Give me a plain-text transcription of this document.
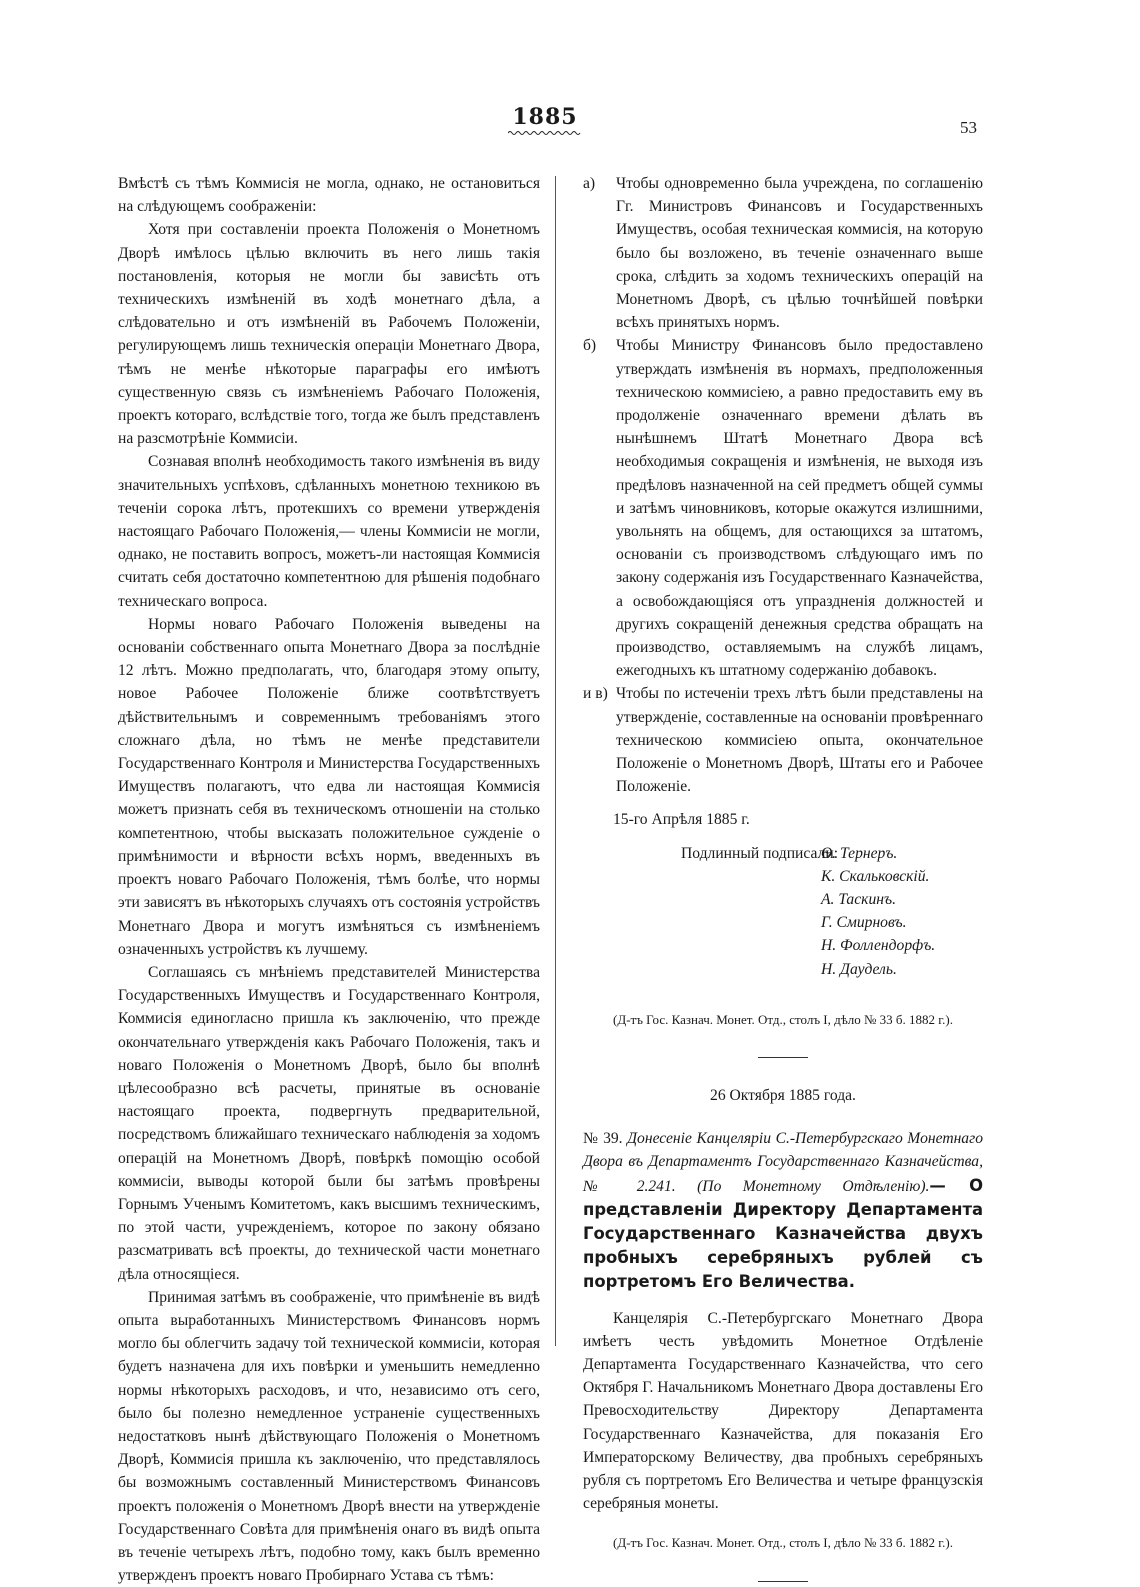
1885	53

Вмѣстѣ съ тѣмъ Коммисія не могла, однако, не остановиться на слѣдующемъ соображеніи:

Хотя при составленіи проекта Положенія о Монетномъ Дворѣ имѣлось цѣлью включить въ него лишь такія постановленія, которыя не могли бы зависѣть отъ техническихъ измѣненій въ ходѣ монетнаго дѣла, а слѣдовательно и отъ измѣненій въ Рабочемъ Положеніи, регулирующемъ лишь техническія операціи Монетнаго Двора, тѣмъ не менѣе нѣкоторые параграфы его имѣютъ существенную связь съ измѣненіемъ Рабочаго Положенія, проектъ котораго, вслѣдствіе того, тогда же былъ представленъ на разсмотрѣніе Коммисіи.

Сознавая вполнѣ необходимость такого измѣненія въ виду значительныхъ успѣховъ, сдѣланныхъ монетною техникою въ теченіи сорока лѣтъ, протекшихъ со времени утвержденія настоящаго Рабочаго Положенія,— члены Коммисіи не могли, однако, не поставить вопросъ, можетъ-ли настоящая Коммисія считать себя достаточно компетентною для рѣшенія подобнаго техническаго вопроса.

Нормы новаго Рабочаго Положенія выведены на основаніи собственнаго опыта Монетнаго Двора за послѣдніе 12 лѣтъ. Можно предполагать, что, благодаря этому опыту, новое Рабочее Положеніе ближе соотвѣтствуетъ дѣйствительнымъ и современнымъ требованіямъ этого сложнаго дѣла, но тѣмъ не менѣе представители Государственнаго Контроля и Министерства Государственныхъ Имуществъ полагаютъ, что едва ли настоящая Коммисія можетъ признать себя въ техническомъ отношеніи на столько компетентною, чтобы высказать положительное сужденіе о примѣнимости и вѣрности всѣхъ нормъ, введенныхъ въ проектъ новаго Рабочаго Положенія, тѣмъ болѣе, что нормы эти зависятъ въ нѣкоторыхъ случаяхъ отъ состоянія устройствъ Монетнаго Двора и могутъ измѣняться съ измѣненіемъ означенныхъ устройствъ къ лучшему.

Соглашаясь съ мнѣніемъ представителей Министерства Государственныхъ Имуществъ и Государственнаго Контроля, Коммисія единогласно пришла къ заключенію, что прежде окончательнаго утвержденія какъ Рабочаго Положенія, такъ и новаго Положенія о Монетномъ Дворѣ, было бы вполнѣ цѣлесообразно всѣ расчеты, принятые въ основаніе настоящаго проекта, подвергнуть предварительной, посредствомъ ближайшаго техническаго наблюденія за ходомъ операцій на Монетномъ Дворѣ, повѣркѣ помощію особой коммисіи, выводы которой были бы затѣмъ провѣрены Горнымъ Ученымъ Комитетомъ, какъ высшимъ техническимъ, по этой части, учрежденіемъ, которое по закону обязано разсматривать всѣ проекты, до технической части монетнаго дѣла относящіеся.

Принимая затѣмъ въ соображеніе, что примѣненіе въ видѣ опыта выработанныхъ Министерствомъ Финансовъ нормъ могло бы облегчить задачу той технической коммисіи, которая будетъ назначена для ихъ повѣрки и уменьшить немедленно нормы нѣкоторыхъ расходовъ, и что, независимо отъ сего, было бы полезно немедленное устраненіе существенныхъ недостатковъ нынѣ дѣйствующаго Положенія о Монетномъ Дворѣ, Коммисія пришла къ заключенію, что представлялось бы возможнымъ составленный Министерствомъ Финансовъ проектъ положенія о Монетномъ Дворѣ внести на утвержденіе Государственнаго Совѣта для примѣненія онаго въ видѣ опыта въ теченіе четырехъ лѣтъ, подобно тому, какъ былъ временно утвержденъ проектъ новаго Пробирнаго Устава съ тѣмъ:

а) Чтобы одновременно была учреждена, по соглашенію Гг. Министровъ Финансовъ и Государственныхъ Имуществъ, особая техническая коммисія, на которую было бы возложено, въ теченіе означеннаго выше срока, слѣдить за ходомъ техническихъ операцій на Монетномъ Дворѣ, съ цѣлью точнѣйшей повѣрки всѣхъ принятыхъ нормъ.

б) Чтобы Министру Финансовъ было предоставлено утверждать измѣненія въ нормахъ, предположенныя техническою коммисіею, а равно предоставить ему въ продолженіе означеннаго времени дѣлать въ нынѣшнемъ Штатѣ Монетнаго Двора всѣ необходимыя сокращенія и измѣненія, не выходя изъ предѣловъ назначенной на сей предметъ общей суммы и затѣмъ чиновниковъ, которые окажутся излишними, увольнять на общемъ, для остающихся за штатомъ, основаніи съ производствомъ слѣдующаго имъ по закону содержанія изъ Государственнаго Казначейства, а освобождающіяся отъ упраздненія должностей и другихъ сокращеній денежныя средства обращать на производство, оставляемымъ на службѣ лицамъ, ежегодныхъ къ штатному содержанію добавокъ.

и в) Чтобы по истеченіи трехъ лѣтъ были представлены на утвержденіе, составленные на основаніи провѣреннаго техническою коммисіею опыта, окончательное Положеніе о Монетномъ Дворѣ, Штаты его и Рабочее Положеніе.

15-го Апрѣля 1885 г.

Подлинный подписали:
Ѳ. Тернеръ.
К. Скальковскій.
А. Таскинъ.
Г. Смирновъ.
Н. Фоллендорфъ.
Н. Даудель.

(Д-тъ Гос. Казнач. Монет. Отд., столъ I, дѣло № 33 б. 1882 г.).

26 Октября 1885 года.

№ 39. Донесеніе Канцеляріи С.-Петербургскаго Монетнаго Двора въ Департаментъ Государственнаго Казначейства, № 2.241. (По Монетному Отдѣленію).— О представленіи Директору Департамента Государственнаго Казначейства двухъ пробныхъ серебряныхъ рублей съ портретомъ Его Величества.

Канцелярія С.-Петербургскаго Монетнаго Двора имѣетъ честь увѣдомить Монетное Отдѣленіе Департамента Государственнаго Казначейства, что сего Октября Г. Начальникомъ Монетнаго Двора доставлены Его Превосходительству Директору Департамента Государственнаго Казначейства, для показанія Его Императорскому Величеству, два пробныхъ серебряныхъ рубля съ портретомъ Его Величества и четыре французскія серебряныя монеты.

(Д-тъ Гос. Казнач. Монет. Отд., столъ I, дѣло № 33 б. 1882 г.).
